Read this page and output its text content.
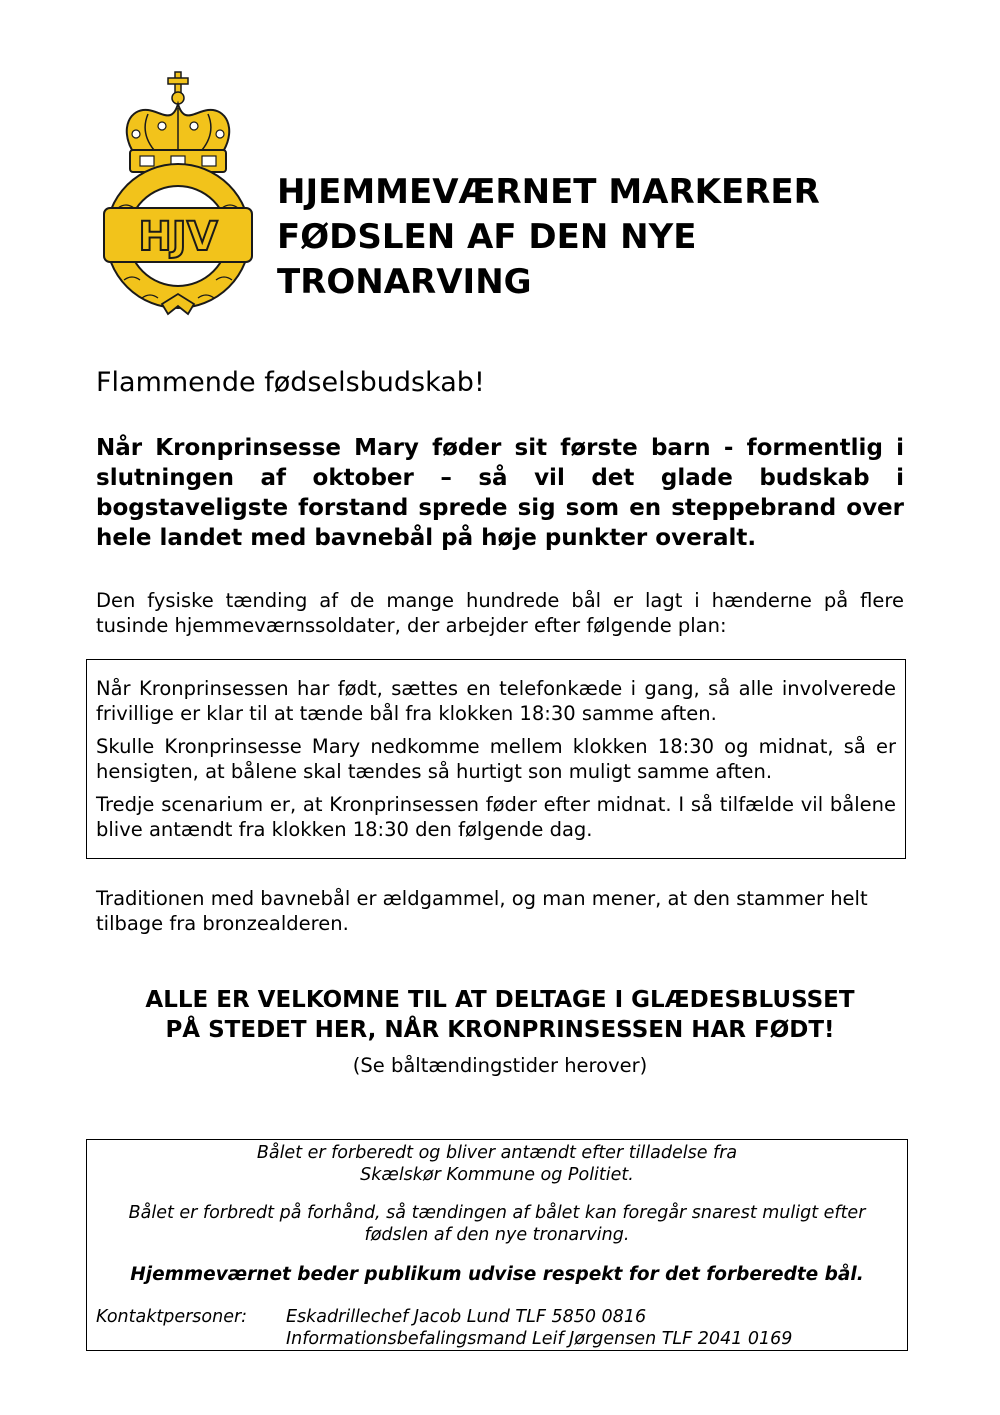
HJV
HJEMMEVÆRNET MARKERER
FØDSLEN AF DEN NYE
TRONARVING
Flammende fødselsbudskab!

Når Kronprinsesse Mary føder sit første barn - formentlig i slutningen af oktober – så vil det glade budskab i bogstaveligste forstand sprede sig som en steppebrand over hele landet med bavnebål på høje punkter overalt.

Den fysiske tænding af de mange hundrede bål er lagt i hænderne på flere tusinde hjemmeværnssoldater, der arbejder efter følgende plan:

Når Kronprinsessen har født, sættes en telefonkæde i gang, så alle involverede frivillige er klar til at tænde bål fra klokken 18:30 samme aften.

Skulle Kronprinsesse Mary nedkomme mellem klokken 18:30 og midnat, så er hensigten, at bålene skal tændes så hurtigt son muligt samme aften.

Tredje scenarium er, at Kronprinsessen føder efter midnat. I så tilfælde vil bålene blive antændt fra klokken 18:30 den følgende dag.

Traditionen med bavnebål er ældgammel, og man mener, at den stammer helt tilbage fra bronzealderen.

ALLE ER VELKOMNE TIL AT DELTAGE I GLÆDESBLUSSET
PÅ STEDET HER, NÅR KRONPRINSESSEN HAR FØDT!

(Se båltændingstider herover)

Bålet er forberedt og bliver antændt efter tilladelse fra
Skælskør Kommune og Politiet.
Bålet er forbredt på forhånd, så tændingen af bålet kan foregår snarest muligt efter
fødslen af den nye tronarving.
Hjemmeværnet beder publikum udvise respekt for det forberedte bål.
Kontaktpersoner: Eskadrillechef Jacob Lund TLF 5850 0816
Informationsbefalingsmand Leif Jørgensen TLF 2041 0169
